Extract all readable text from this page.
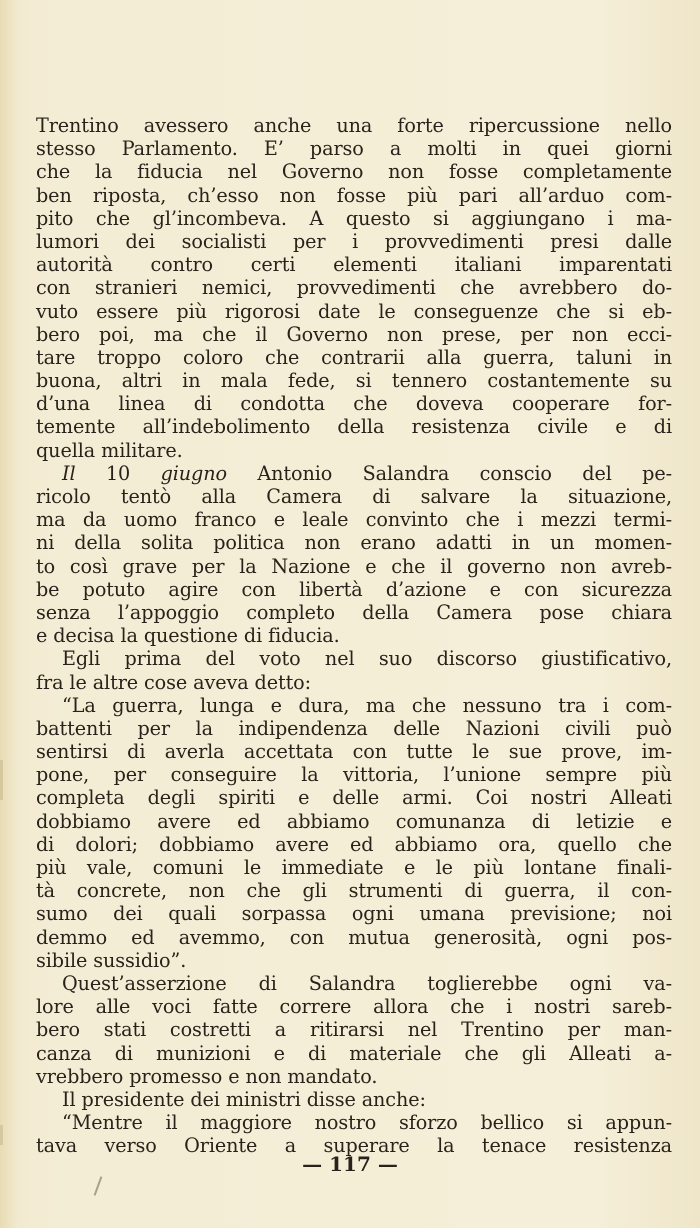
Trentino avessero anche una forte ripercussione nello
stesso Parlamento. E’ parso a molti in quei giorni
che la fiducia nel Governo non fosse completamente
ben riposta, ch’esso non fosse più pari all’arduo com-
pito che gl’incombeva. A questo si aggiungano i ma-
lumori dei socialisti per i provvedimenti presi dalle
autorità contro certi elementi italiani imparentati
con stranieri nemici, provvedimenti che avrebbero do-
vuto essere più rigorosi date le conseguenze che si eb-
bero poi, ma che il Governo non prese, per non ecci-
tare troppo coloro che contrarii alla guerra, taluni in
buona, altri in mala fede, si tennero costantemente su
d’una linea di condotta che doveva cooperare for-
temente all’indebolimento della resistenza civile e di
quella militare.
Il 10 giugno Antonio Salandra conscio del pe-
ricolo tentò alla Camera di salvare la situazione,
ma da uomo franco e leale convinto che i mezzi termi-
ni della solita politica non erano adatti in un momen-
to così grave per la Nazione e che il governo non avreb-
be potuto agire con libertà d’azione e con sicurezza
senza l’appoggio completo della Camera pose chiara
e decisa la questione di fiducia.
Egli prima del voto nel suo discorso giustificativo,
fra le altre cose aveva detto:
“La guerra, lunga e dura, ma che nessuno tra i com-
battenti per la indipendenza delle Nazioni civili può
sentirsi di averla accettata con tutte le sue prove, im-
pone, per conseguire la vittoria, l’unione sempre più
completa degli spiriti e delle armi. Coi nostri Alleati
dobbiamo avere ed abbiamo comunanza di letizie e
di dolori; dobbiamo avere ed abbiamo ora, quello che
più vale, comuni le immediate e le più lontane finali-
tà concrete, non che gli strumenti di guerra, il con-
sumo dei quali sorpassa ogni umana previsione; noi
demmo ed avemmo, con mutua generosità, ogni pos-
sibile sussidio”.
Quest’asserzione di Salandra toglierebbe ogni va-
lore alle voci fatte correre allora che i nostri sareb-
bero stati costretti a ritirarsi nel Trentino per man-
canza di munizioni e di materiale che gli Alleati a-
vrebbero promesso e non mandato.
Il presidente dei ministri disse anche:
“Mentre il maggiore nostro sforzo bellico si appun-
tava verso Oriente a superare la tenace resistenza
— 117 —
